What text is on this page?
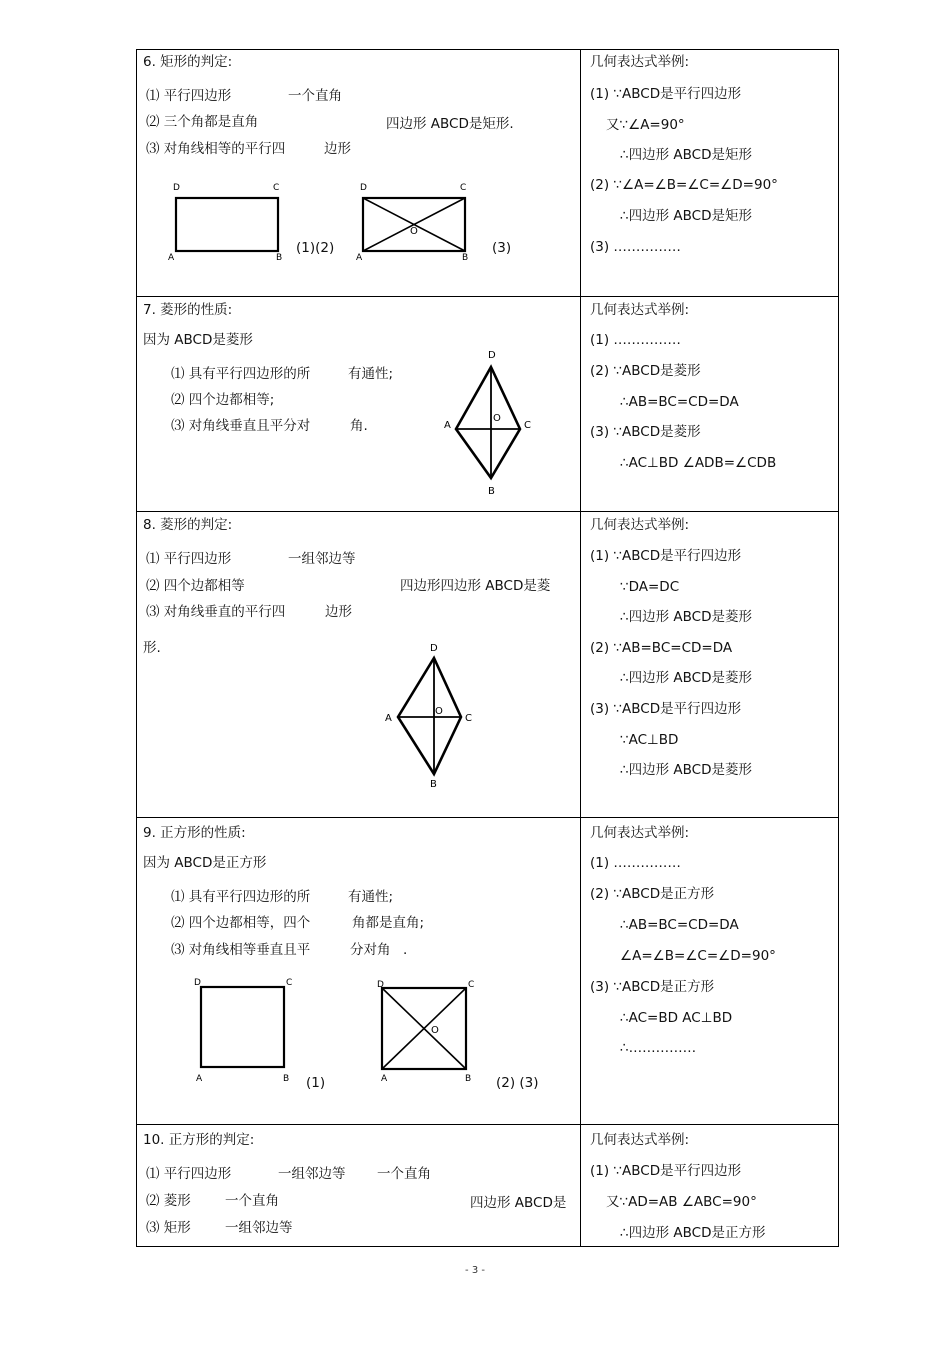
6. 矩形的判定:
⑴ 平行四边形	一个直角
⑵ 三个角都是直角	四边形 ABCD是矩形.
⑶ 对角线相等的平行四	边形
D	C
A	B
(1)(2)
D	C
A	B
O
(3)
几何表达式举例:
(1) ∵ABCD是平行四边形
又∵∠A=90°
∴四边形 ABCD是矩形
(2) ∵∠A=∠B=∠C=∠D=90°
∴四边形 ABCD是矩形
(3) ……………
7. 菱形的性质:
因为 ABCD是菱形
⑴ 具有平行四边形的所	有通性;
⑵ 四个边都相等;
⑶ 对角线垂直且平分对	角.
D
A
O
C
B
几何表达式举例:
(1) ……………
(2) ∵ABCD是菱形
∴AB=BC=CD=DA
(3) ∵ABCD是菱形
∴AC⊥BD ∠ADB=∠CDB
8. 菱形的判定:
⑴ 平行四边形	一组邻边等
⑵ 四个边都相等	四边形四边形 ABCD是菱
⑶ 对角线垂直的平行四	边形
形.	D
A
O
C
B
几何表达式举例:
(1) ∵ABCD是平行四边形
∵DA=DC
∴四边形 ABCD是菱形
(2) ∵AB=BC=CD=DA
∴四边形 ABCD是菱形
(3) ∵ABCD是平行四边形
∵AC⊥BD
∴四边形 ABCD是菱形
9. 正方形的性质:
因为 ABCD是正方形
⑴ 具有平行四边形的所	有通性;
⑵ 四个边都相等，四个	角都是直角;
⑶ 对角线相等垂直且平	分对角 .
D	C
A	B (1)
D	C
A	B
O
(2) (3)
几何表达式举例:
(1) ……………
(2) ∵ABCD是正方形
∴AB=BC=CD=DA
∠A=∠B=∠C=∠D=90°
(3) ∵ABCD是正方形
∴AC=BD AC⊥BD
∴……………
10. 正方形的判定:
⑴ 平行四边形	一组邻边等 一个直角
⑵ 菱形	一个直角	四边形 ABCD是
⑶ 矩形	一组邻边等
几何表达式举例:
(1) ∵ABCD是平行四边形
又∵AD=AB ∠ABC=90°
∴四边形 ABCD是正方形
- 3 -
